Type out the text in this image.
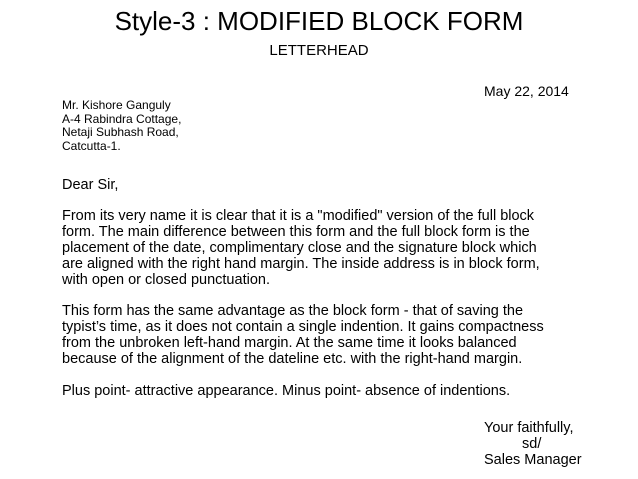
Style-3 : MODIFIED BLOCK FORM
LETTERHEAD
May 22, 2014
Mr. Kishore Ganguly
A-4 Rabindra Cottage,
Netaji Subhash Road,
Catcutta-1.
Dear Sir,
From its very name it is clear that it is a "modified" version of the full block
form. The main difference between this form and the full block form is the
placement of the date, complimentary close and the signature block which
are aligned with the right hand margin. The inside address is in block form,
with open or closed punctuation.
This form has the same advantage as the block form - that of saving the
typist’s time, as it does not contain a single indention. It gains compactness
from the unbroken left-hand margin. At the same time it looks balanced
because of the alignment of the dateline etc. with the right-hand margin.
Plus point- attractive appearance. Minus point- absence of indentions.
Your faithfully,
sd/
Sales Manager
